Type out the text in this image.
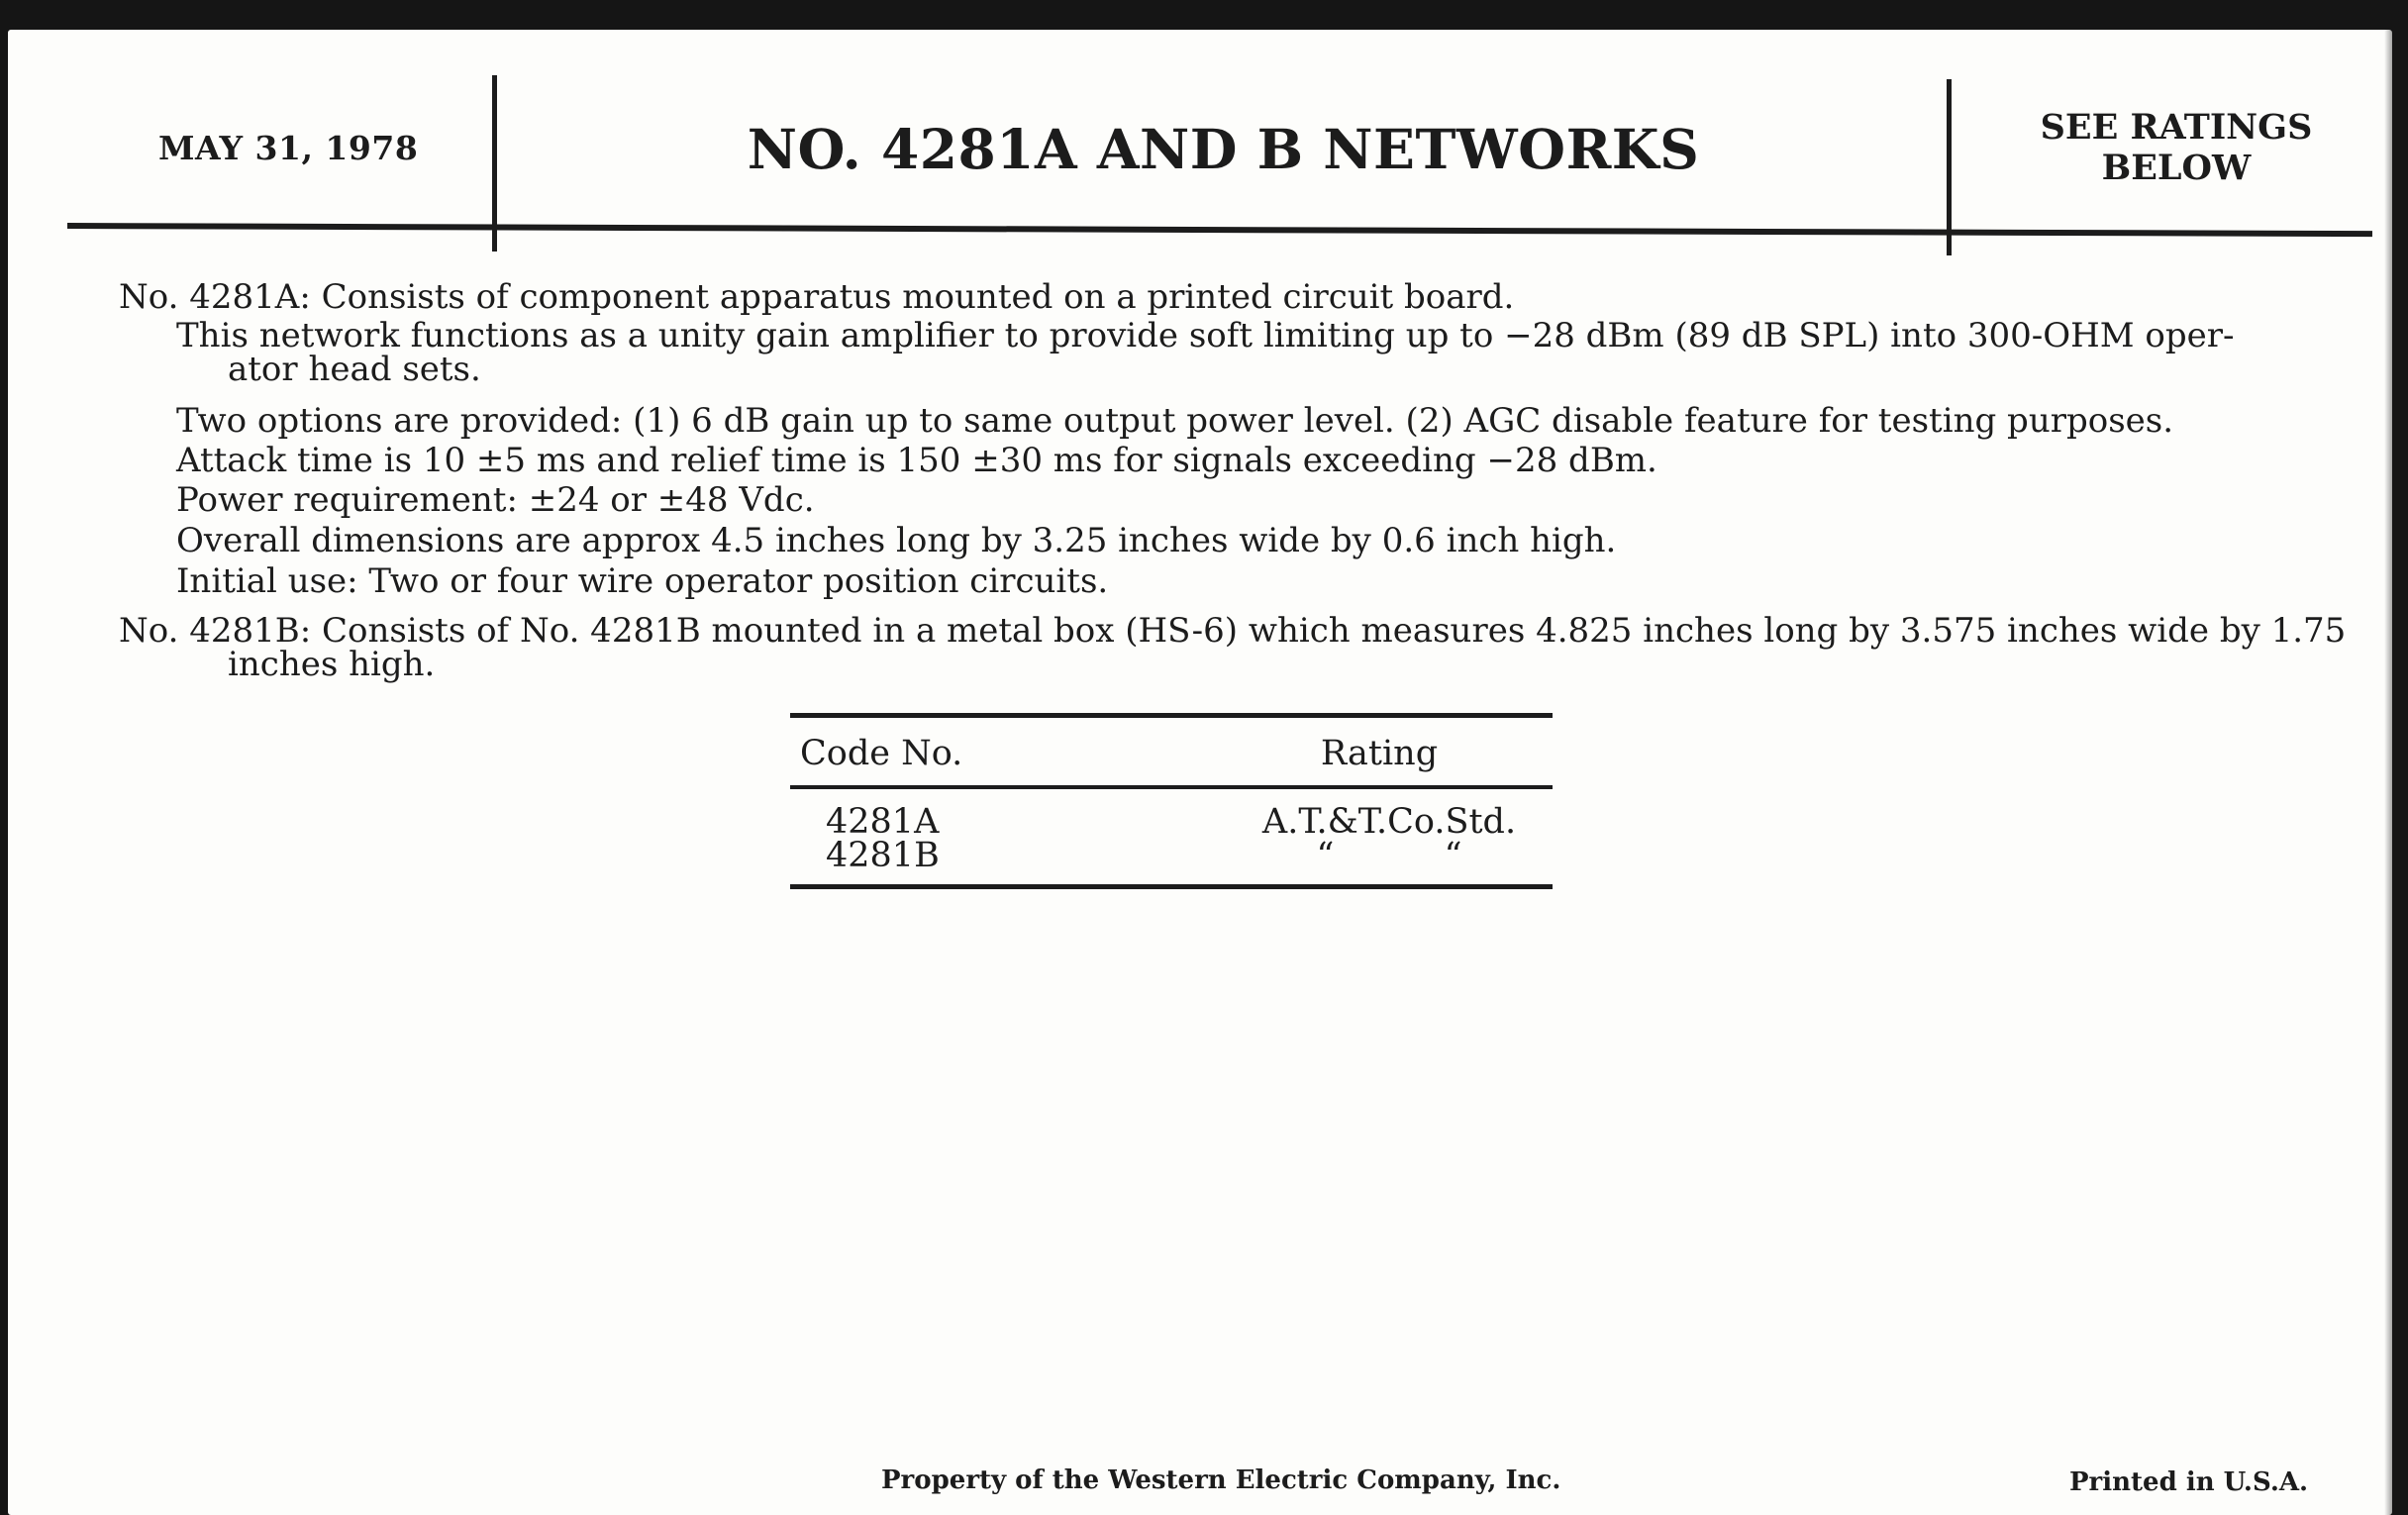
MAY 31, 1978	NO. 4281A AND B NETWORKS	SEE RATINGS
BELOW
No. 4281A: Consists of component apparatus mounted on a printed circuit board.
This network functions as a unity gain amplifier to provide soft limiting up to −28 dBm (89 dB SPL) into 300-OHM oper-
ator head sets.
Two options are provided: (1) 6 dB gain up to same output power level. (2) AGC disable feature for testing purposes.
Attack time is 10 ±5 ms and relief time is 150 ±30 ms for signals exceeding −28 dBm.
Power requirement: ±24 or ±48 Vdc.
Overall dimensions are approx 4.5 inches long by 3.25 inches wide by 0.6 inch high.
Initial use: Two or four wire operator position circuits.
No. 4281B: Consists of No. 4281B mounted in a metal box (HS-6) which measures 4.825 inches long by 3.575 inches wide by 1.75
inches high.
Code No.	Rating
4281A	A.T.&T.Co.Std.
4281B	“          “
Property of the Western Electric Company, Inc.	Printed in U.S.A.
